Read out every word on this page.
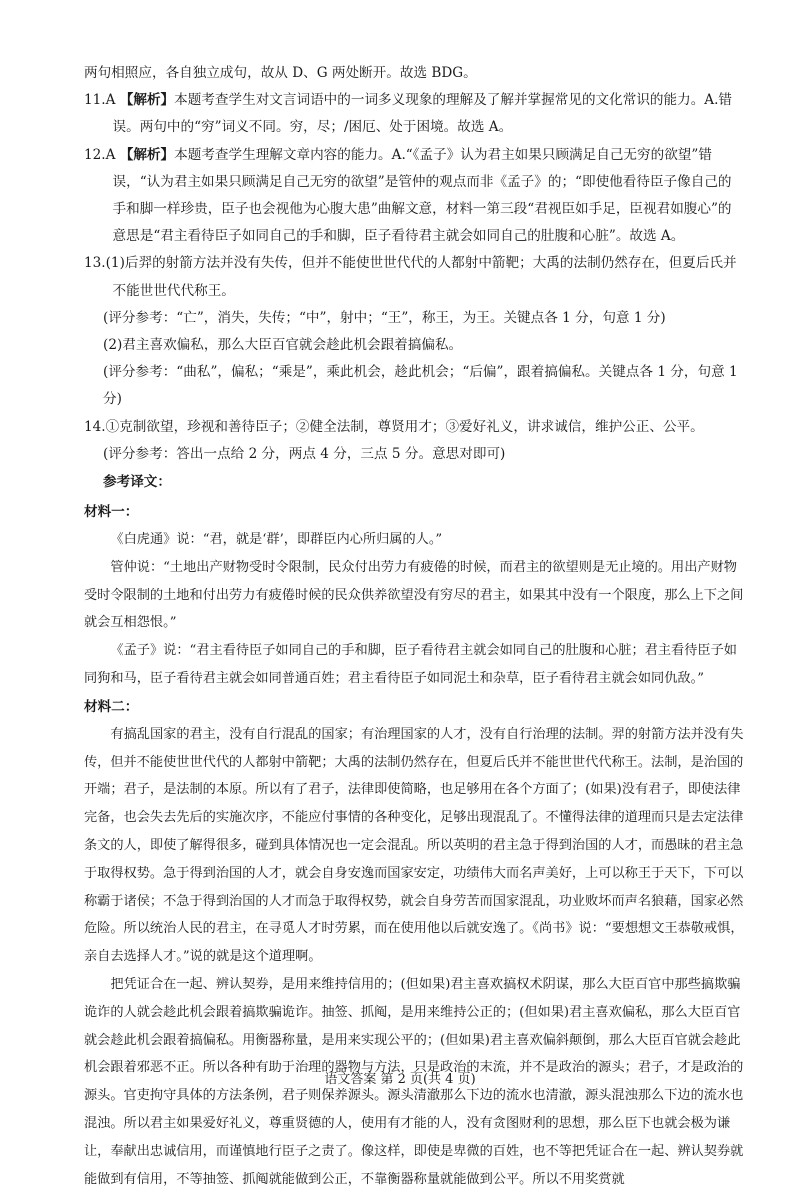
两句相照应，各自独立成句，故从 D、G 两处断开。故选 BDG。

11.A 【解析】本题考查学生对文言词语中的一词多义现象的理解及了解并掌握常见的文化常识的能力。A.错误。两句中的“穷”词义不同。穷，尽；/困厄、处于困境。故选 A。

12.A 【解析】本题考查学生理解文章内容的能力。A.“《孟子》认为君主如果只顾满足自己无穷的欲望”错误，“认为君主如果只顾满足自己无穷的欲望”是管仲的观点而非《孟子》的；“即使他看待臣子像自己的手和脚一样珍贵，臣子也会视他为心腹大患”曲解文意，材料一第三段“君视臣如手足，臣视君如腹心”的意思是“君主看待臣子如同自己的手和脚，臣子看待君主就会如同自己的肚腹和心脏”。故选 A。

13.(1)后羿的射箭方法并没有失传，但并不能使世世代代的人都射中箭靶；大禹的法制仍然存在，但夏后氏并不能世世代代称王。

(评分参考：“亡”，消失，失传；“中”，射中；“王”，称王，为王。关键点各 1 分，句意 1 分)

(2)君主喜欢偏私，那么大臣百官就会趁此机会跟着搞偏私。

(评分参考：“曲私”，偏私；“乘是”，乘此机会，趁此机会；“后偏”，跟着搞偏私。关键点各 1 分，句意 1 分)

14.①克制欲望，珍视和善待臣子；②健全法制，尊贤用才；③爱好礼义，讲求诚信，维护公正、公平。

(评分参考：答出一点给 2 分，两点 4 分，三点 5 分。意思对即可)

参考译文：

材料一：

《白虎通》说：“君，就是‘群’，即群臣内心所归属的人。”

管仲说：“土地出产财物受时令限制，民众付出劳力有疲倦的时候，而君主的欲望则是无止境的。用出产财物受时令限制的土地和付出劳力有疲倦时候的民众供养欲望没有穷尽的君主，如果其中没有一个限度，那么上下之间就会互相怨恨。”

《孟子》说：“君主看待臣子如同自己的手和脚，臣子看待君主就会如同自己的肚腹和心脏；君主看待臣子如同狗和马，臣子看待君主就会如同普通百姓；君主看待臣子如同泥土和杂草，臣子看待君主就会如同仇敌。”

材料二：

有搞乱国家的君主，没有自行混乱的国家；有治理国家的人才，没有自行治理的法制。羿的射箭方法并没有失传，但并不能使世世代代的人都射中箭靶；大禹的法制仍然存在，但夏后氏并不能世世代代称王。法制，是治国的开端；君子，是法制的本原。所以有了君子，法律即使简略，也足够用在各个方面了；(如果)没有君子，即使法律完备，也会失去先后的实施次序，不能应付事情的各种变化，足够出现混乱了。不懂得法律的道理而只是去定法律条文的人，即使了解得很多，碰到具体情况也一定会混乱。所以英明的君主急于得到治国的人才，而愚昧的君主急于取得权势。急于得到治国的人才，就会自身安逸而国家安定，功绩伟大而名声美好，上可以称王于天下，下可以称霸于诸侯；不急于得到治国的人才而急于取得权势，就会自身劳苦而国家混乱，功业败坏而声名狼藉，国家必然危险。所以统治人民的君主，在寻觅人才时劳累，而在使用他以后就安逸了。《尚书》说：“要想想文王恭敬戒惧，亲自去选择人才。”说的就是这个道理啊。

把凭证合在一起、辨认契券，是用来维持信用的；(但如果)君主喜欢搞权术阴谋，那么大臣百官中那些搞欺骗诡诈的人就会趁此机会跟着搞欺骗诡诈。抽签、抓阄，是用来维持公正的；(但如果)君主喜欢偏私，那么大臣百官就会趁此机会跟着搞偏私。用衡器称量，是用来实现公平的；(但如果)君主喜欢偏斜颠倒，那么大臣百官就会趁此机会跟着邪恶不正。所以各种有助于治理的器物与方法，只是政治的末流，并不是政治的源头；君子，才是政治的源头。官吏拘守具体的方法条例，君子则保养源头。源头清澈那么下边的流水也清澈，源头混浊那么下边的流水也混浊。所以君主如果爱好礼义，尊重贤德的人，使用有才能的人，没有贪图财利的思想，那么臣下也就会极为谦让，奉献出忠诚信用，而谨慎地行臣子之责了。像这样，即使是卑微的百姓，也不等把凭证合在一起、辨认契券就能做到有信用，不等抽签、抓阄就能做到公正，不靠衡器称量就能做到公平。所以不用奖赏就

语文答案 第 2 页(共 4 页)
